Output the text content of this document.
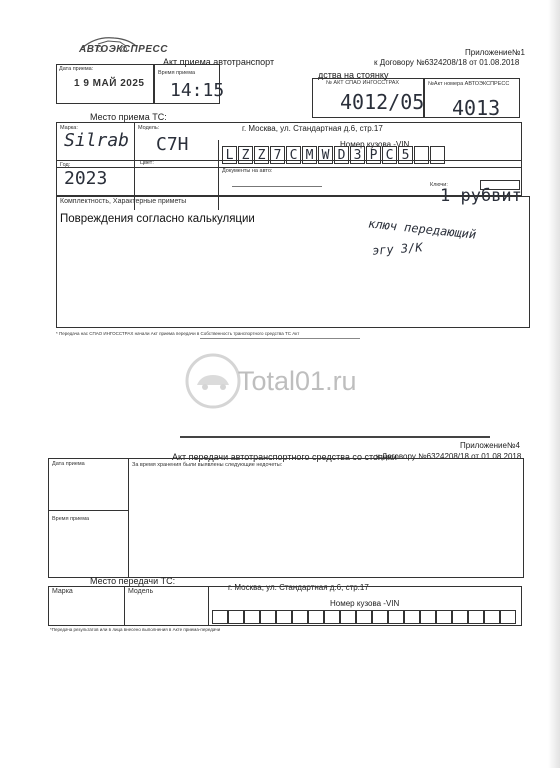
Приложение№1
к Договору №6324208/18 от 01.08.2018
АВТОЭКСПРЕСС
Акт приема автотранспорт
дства на стоянку
Дата приема:
1 9 МАЙ 2025
Время приема
14:15	№ АКТ СПАО ИНГОССТРАХ
4012/05
№Акт номера АВТОЭКСПРЕСС
4013
Место приема ТС:
г. Москва, ул. Стандартная д.6, стр.17
Марка:
Silrab
Модель:
C7H	Номер кузова -VIN
L Z Z 7 C M W D 3 P C 5
Год:
2023
Цвет:
Документы на авто:
Ключи:
1 рубвит
Комплектность, Характерные приметы
Повреждения согласно калькуляции	ключ передающий
эгу З/К
* Передача нас СПАО ИНГОССТРАХ начали Акт приема передачи в Собственность транспортного средства ТС Акт
Total01.ru
Приложение№4
к Договору №6324208/18 от 01.08.2018
Акт передачи автотранспортного средства со стоянки
Дата приема
Время приема
За время хранения были выявлены следующие недочеты:
Место передачи ТС:
г. Москва, ул. Стандартная д.6, стр.17
Марка	Модель
Номер кузова -VIN
*Передача результатов или в лица внесено выполнения в Акте приема-передачи
